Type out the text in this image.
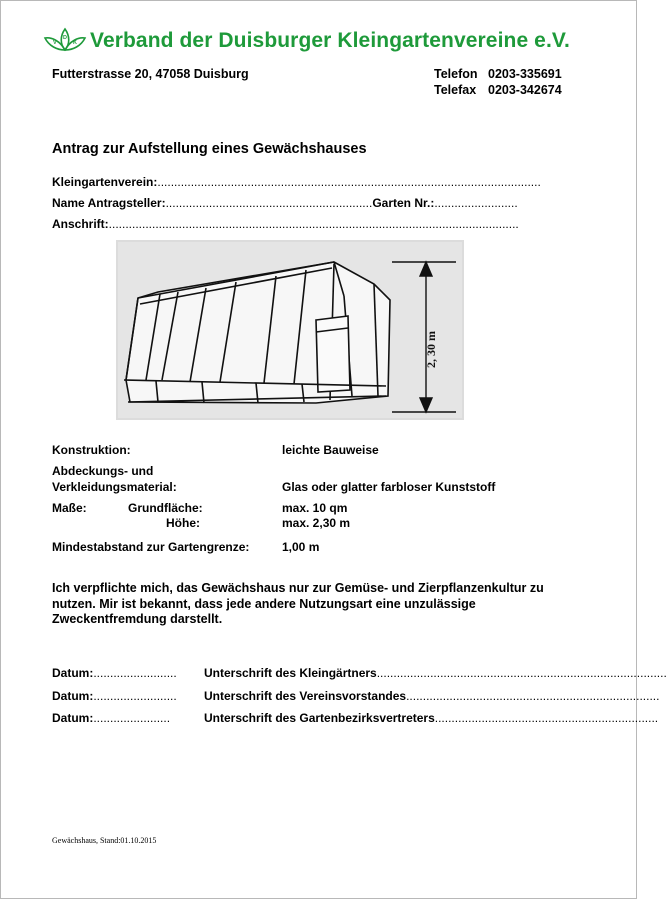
V
D
K Verband der Duisburger Kleingartenvereine e.V.
Futterstrasse 20, 47058 Duisburg	Telefon 0203-335691
Telefax 0203-342674
Antrag zur Aufstellung eines Gewächshauses
Kleingartenverein:...................................................................................................................
Name Antragsteller:..............................................................Garten Nr.:.........................
Anschrift:...........................................................................................................................
2, 30 m
Konstruktion:	leichte Bauweise
Abdeckungs- und
Verkleidungsmaterial:	Glas oder glatter farbloser Kunststoff
Maße:	Grundfläche:	max. 10 qm
Höhe:	max. 2,30 m
Mindestabstand zur Gartengrenze:	1,00 m
Ich verpflichte mich, das Gewächshaus nur zur Gemüse- und Zierpflanzenkultur zu nutzen. Mir ist bekannt, dass jede andere Nutzungsart eine unzulässige Zweckentfremdung darstellt.
Datum:......................... Unterschrift des Kleingärtners.......................................................................................
Datum:......................... Unterschrift des Vereinsvorstandes............................................................................
Datum:.......................	Unterschrift des Gartenbezirksvertreters...................................................................
Gewächshaus, Stand:01.10.2015
